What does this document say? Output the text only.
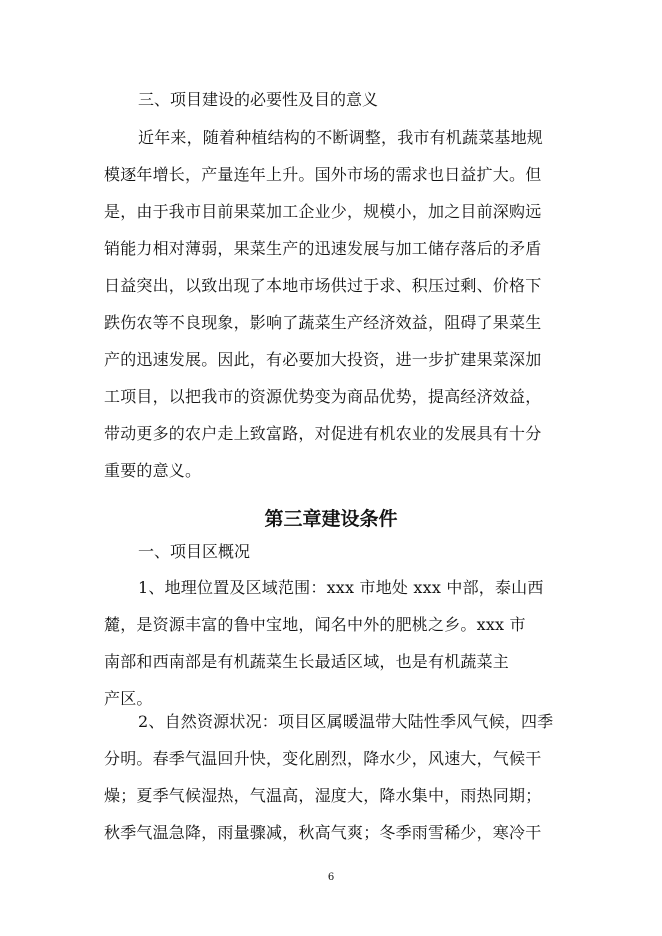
三、项目建设的必要性及目的意义
近年来，随着种植结构的不断调整，我市有机蔬菜基地规
模逐年增长，产量连年上升。国外市场的需求也日益扩大。但
是，由于我市目前果菜加工企业少，规模小，加之目前深购远
销能力相对薄弱，果菜生产的迅速发展与加工储存落后的矛盾
日益突出，以致出现了本地市场供过于求、积压过剩、价格下
跌伤农等不良现象，影响了蔬菜生产经济效益，阻碍了果菜生
产的迅速发展。因此，有必要加大投资，进一步扩建果菜深加
工项目，以把我市的资源优势变为商品优势，提高经济效益，
带动更多的农户走上致富路，对促进有机农业的发展具有十分
重要的意义。
第三章建设条件
一、项目区概况
1、地理位置及区域范围：xxx 市地处 xxx 中部，泰山西
麓，是资源丰富的鲁中宝地，闻名中外的肥桃之乡。xxx 市
南部和西南部是有机蔬菜生长最适区域，也是有机蔬菜主
产区。
2、自然资源状况：项目区属暖温带大陆性季风气候，四季
分明。春季气温回升快，变化剧烈，降水少，风速大，气候干
燥；夏季气候湿热，气温高，湿度大，降水集中，雨热同期；
秋季气温急降，雨量骤减，秋高气爽；冬季雨雪稀少，寒冷干
6
